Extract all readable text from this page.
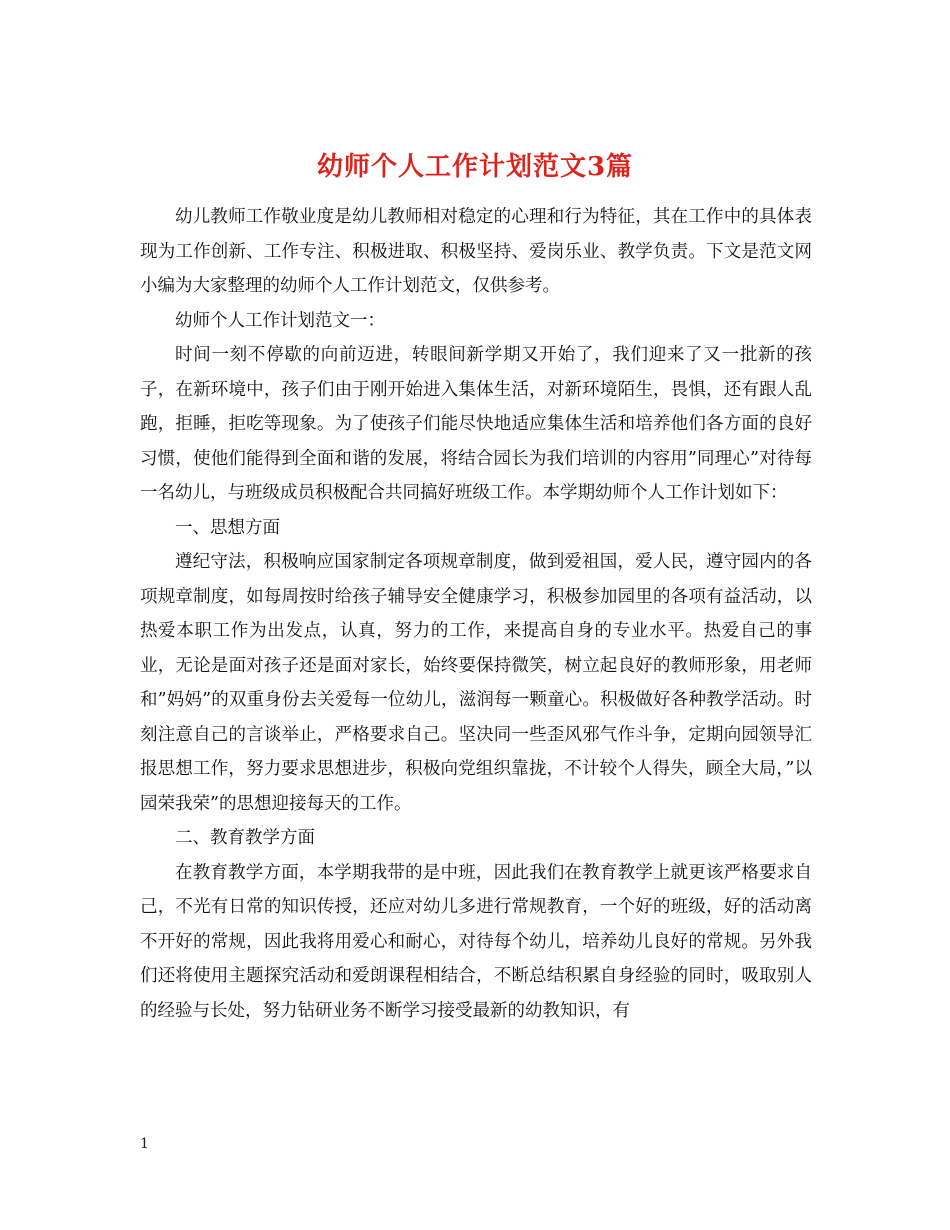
幼师个人工作计划范文3篇

幼儿教师工作敬业度是幼儿教师相对稳定的心理和行为特征，其在工作中的具体表现为工作创新、工作专注、积极进取、积极坚持、爱岗乐业、教学负责。下文是范文网小编为大家整理的幼师个人工作计划范文，仅供参考。

幼师个人工作计划范文一：

时间一刻不停歇的向前迈进，转眼间新学期又开始了，我们迎来了又一批新的孩子，在新环境中，孩子们由于刚开始进入集体生活，对新环境陌生，畏惧，还有跟人乱跑，拒睡，拒吃等现象。为了使孩子们能尽快地适应集体生活和培养他们各方面的良好习惯，使他们能得到全面和谐的发展，将结合园长为我们培训的内容用”同理心”对待每一名幼儿，与班级成员积极配合共同搞好班级工作。本学期幼师个人工作计划如下：

一、思想方面

遵纪守法，积极响应国家制定各项规章制度，做到爱祖国，爱人民，遵守园内的各项规章制度，如每周按时给孩子辅导安全健康学习，积极参加园里的各项有益活动，以热爱本职工作为出发点，认真，努力的工作，来提高自身的专业水平。热爱自己的事业，无论是面对孩子还是面对家长，始终要保持微笑，树立起良好的教师形象，用老师和”妈妈”的双重身份去关爱每一位幼儿，滋润每一颗童心。积极做好各种教学活动。时刻注意自己的言谈举止，严格要求自己。坚决同一些歪风邪气作斗争，定期向园领导汇报思想工作，努力要求思想进步，积极向党组织靠拢，不计较个人得失，顾全大局，”以园荣我荣”的思想迎接每天的工作。

二、教育教学方面

在教育教学方面，本学期我带的是中班，因此我们在教育教学上就更该严格要求自己，不光有日常的知识传授，还应对幼儿多进行常规教育，一个好的班级，好的活动离不开好的常规，因此我将用爱心和耐心，对待每个幼儿，培养幼儿良好的常规。另外我们还将使用主题探究活动和爱朗课程相结合，不断总结积累自身经验的同时，吸取别人的经验与长处，努力钻研业务不断学习接受最新的幼教知识，有

1
